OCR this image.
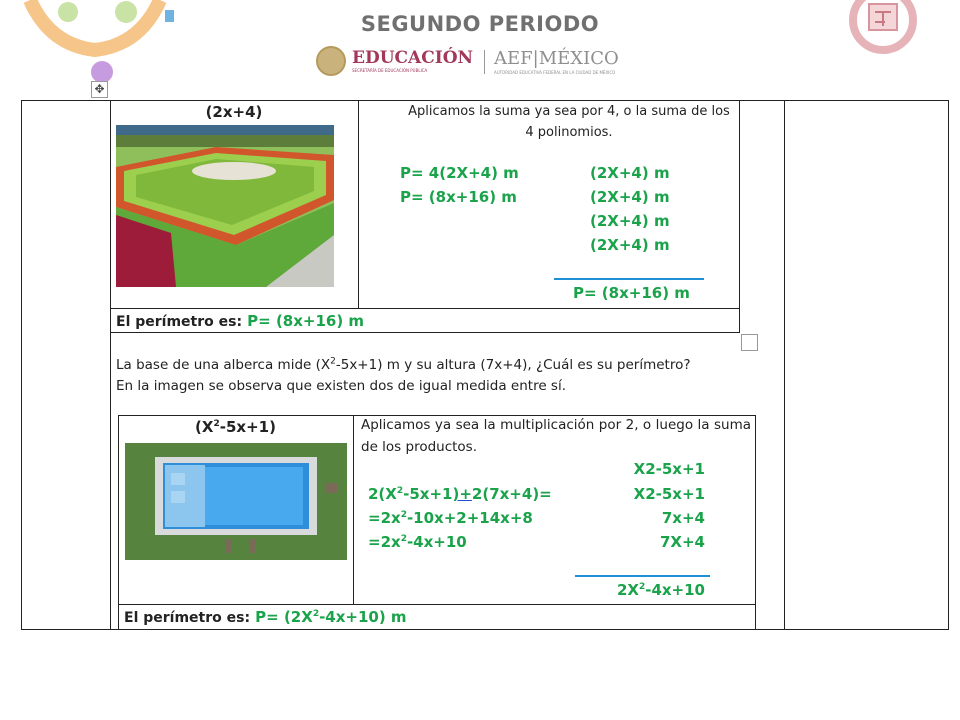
SEGUNDO PERIODO
EDUCACIÓN
SECRETARÍA DE EDUCACIÓN PÚBLICA
AEF|MÉXICO
AUTORIDAD EDUCATIVA FEDERAL EN LA CIUDAD DE MÉXICO
✥
(2x+4)	Aplicamos la suma ya sea por 4, o la suma de los 4 polinomios.
P= 4(2X+4) m
P= (8x+16) m
(2X+4) m
(2X+4) m
(2X+4) m
(2X+4) m
P= (8x+16) m
El perímetro es: P= (8x+16) m
La base de una alberca mide $(X^2-5x+1)$ m y su altura (7x+4), ¿Cuál es su perímetro?
En la imagen se observa que existen dos de igual medida entre sí.
$(X^2-5x+1)$	Aplicamos ya sea la multiplicación por 2, o luego la suma de los productos.
$2(X^2-5x+1)+2(7x+4)=$
$=2x^2-10x+2+14x+8$
$=2x^2-4x+10$
X2-5x+1
X2-5x+1
7x+4
7X+4
$2X^2-4x+10$
El perímetro es: $P= (2X^2-4x+10)$ m
